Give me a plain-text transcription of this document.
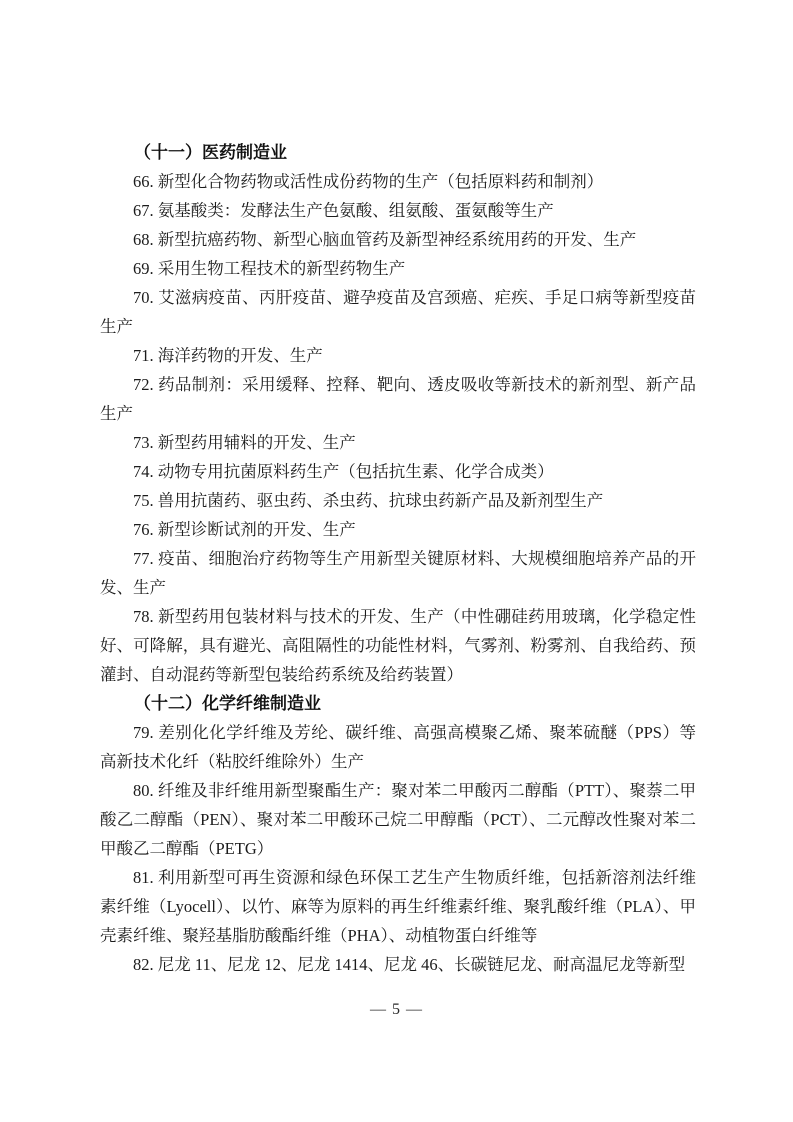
（十一）医药制造业

66. 新型化合物药物或活性成份药物的生产（包括原料药和制剂）

67. 氨基酸类：发酵法生产色氨酸、组氨酸、蛋氨酸等生产

68. 新型抗癌药物、新型心脑血管药及新型神经系统用药的开发、生产

69. 采用生物工程技术的新型药物生产

70. 艾滋病疫苗、丙肝疫苗、避孕疫苗及宫颈癌、疟疾、手足口病等新型疫苗生产

71. 海洋药物的开发、生产

72. 药品制剂：采用缓释、控释、靶向、透皮吸收等新技术的新剂型、新产品生产

73. 新型药用辅料的开发、生产

74. 动物专用抗菌原料药生产（包括抗生素、化学合成类）

75. 兽用抗菌药、驱虫药、杀虫药、抗球虫药新产品及新剂型生产

76. 新型诊断试剂的开发、生产

77. 疫苗、细胞治疗药物等生产用新型关键原材料、大规模细胞培养产品的开发、生产

78. 新型药用包装材料与技术的开发、生产（中性硼硅药用玻璃，化学稳定性好、可降解，具有避光、高阻隔性的功能性材料，气雾剂、粉雾剂、自我给药、预灌封、自动混药等新型包装给药系统及给药装置）

（十二）化学纤维制造业

79. 差别化化学纤维及芳纶、碳纤维、高强高模聚乙烯、聚苯硫醚（PPS）等高新技术化纤（粘胶纤维除外）生产

80. 纤维及非纤维用新型聚酯生产：聚对苯二甲酸丙二醇酯（PTT）、聚萘二甲酸乙二醇酯（PEN）、聚对苯二甲酸环己烷二甲醇酯（PCT）、二元醇改性聚对苯二甲酸乙二醇酯（PETG）

81. 利用新型可再生资源和绿色环保工艺生产生物质纤维，包括新溶剂法纤维素纤维（Lyocell）、以竹、麻等为原料的再生纤维素纤维、聚乳酸纤维（PLA）、甲壳素纤维、聚羟基脂肪酸酯纤维（PHA）、动植物蛋白纤维等

82. 尼龙 11、尼龙 12、尼龙 1414、尼龙 46、长碳链尼龙、耐高温尼龙等新型

— 5 —
